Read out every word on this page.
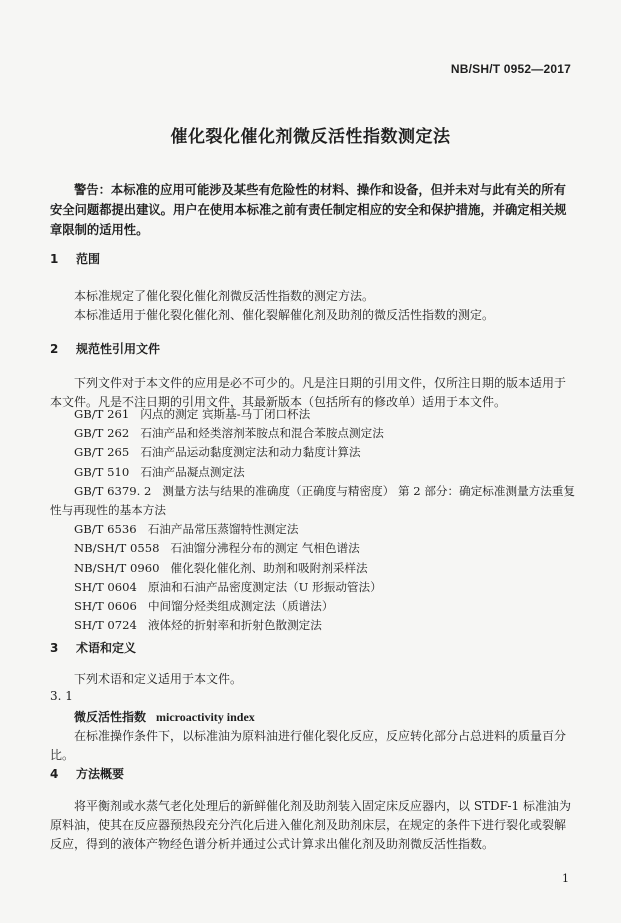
NB/SH/T 0952—2017
催化裂化催化剂微反活性指数测定法
警告：本标准的应用可能涉及某些有危险性的材料、操作和设备，但并未对与此有关的所有安全问题都提出建议。用户在使用本标准之前有责任制定相应的安全和保护措施，并确定相关规章限制的适用性。
1 范围
本标准规定了催化裂化催化剂微反活性指数的测定方法。
本标准适用于催化裂化催化剂、催化裂解催化剂及助剂的微反活性指数的测定。
2 规范性引用文件
下列文件对于本文件的应用是必不可少的。凡是注日期的引用文件，仅所注日期的版本适用于本文件。凡是不注日期的引用文件，其最新版本（包括所有的修改单）适用于本文件。
GB/T 261 闪点的测定 宾斯基-马丁闭口杯法
GB/T 262 石油产品和烃类溶剂苯胺点和混合苯胺点测定法
GB/T 265 石油产品运动黏度测定法和动力黏度计算法
GB/T 510 石油产品凝点测定法
GB/T 6379. 2 测量方法与结果的准确度（正确度与精密度） 第 2 部分：确定标准测量方法重复
性与再现性的基本方法
GB/T 6536 石油产品常压蒸馏特性测定法
NB/SH/T 0558 石油馏分沸程分布的测定 气相色谱法
NB/SH/T 0960 催化裂化催化剂、助剂和吸附剂采样法
SH/T 0604 原油和石油产品密度测定法（U 形振动管法）
SH/T 0606 中间馏分烃类组成测定法（质谱法）
SH/T 0724 液体烃的折射率和折射色散测定法
3 术语和定义
下列术语和定义适用于本文件。
3. 1
微反活性指数 microactivity index
在标准操作条件下，以标准油为原料油进行催化裂化反应，反应转化部分占总进料的质量百分比。
4 方法概要
将平衡剂或水蒸气老化处理后的新鲜催化剂及助剂装入固定床反应器内，以 STDF-1 标准油为原料油，使其在反应器预热段充分汽化后进入催化剂及助剂床层，在规定的条件下进行裂化或裂解反应，得到的液体产物经色谱分析并通过公式计算求出催化剂及助剂微反活性指数。
1
